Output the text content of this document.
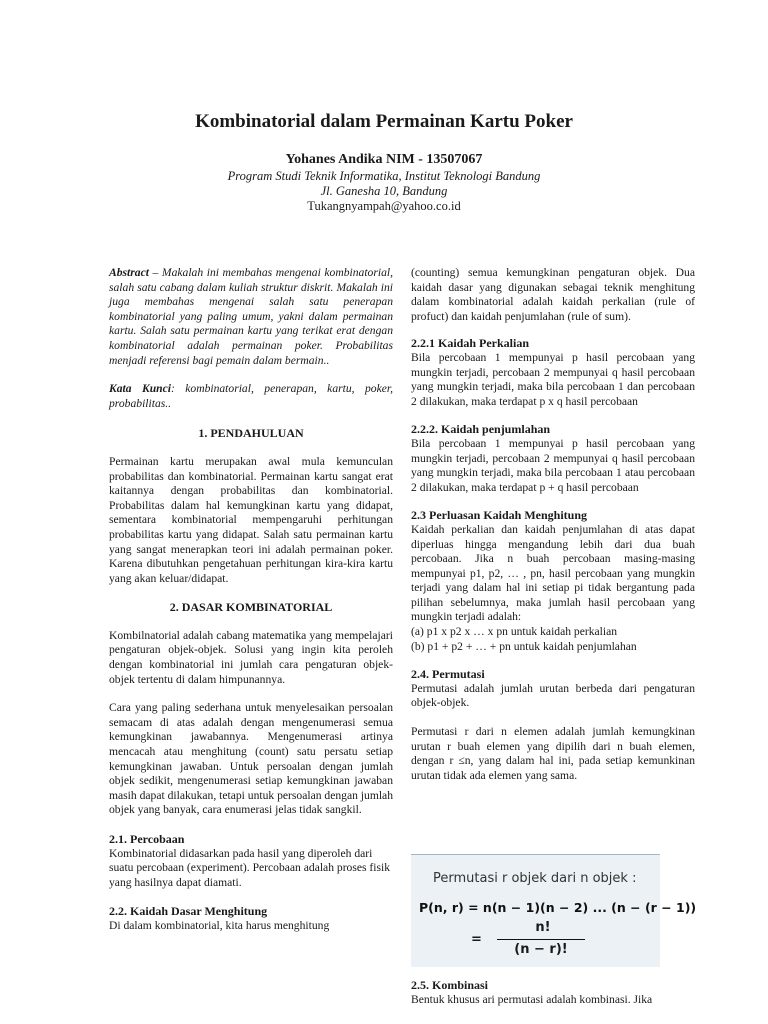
Kombinatorial dalam Permainan Kartu Poker
Yohanes Andika NIM - 13507067
Program Studi Teknik Informatika, Institut Teknologi Bandung
Jl. Ganesha 10, Bandung
Tukangnyampah@yahoo.co.id

Abstract – Makalah ini membahas mengenai kombinatorial, salah satu cabang dalam kuliah struktur diskrit. Makalah ini juga membahas mengenai salah satu penerapan kombinatorial yang paling umum, yakni dalam permainan kartu. Salah satu permainan kartu yang terikat erat dengan kombinatorial adalah permainan poker. Probabilitas menjadi referensi bagi pemain dalam bermain..

Kata Kunci: kombinatorial, penerapan, kartu, poker, probabilitas..

1. PENDAHULUAN

Permainan kartu merupakan awal mula kemunculan probabilitas dan kombinatorial. Permainan kartu sangat erat kaitannya dengan probabilitas dan kombinatorial. Probabilitas dalam hal kemungkinan kartu yang didapat, sementara kombinatorial mempengaruhi perhitungan probabilitas kartu yang didapat. Salah satu permainan kartu yang sangat menerapkan teori ini adalah permainan poker. Karena dibutuhkan pengetahuan perhitungan kira-kira kartu yang akan keluar/didapat.

2. DASAR KOMBINATORIAL

Kombilnatorial adalah cabang matematika yang mempelajari pengaturan objek-objek. Solusi yang ingin kita peroleh dengan kombinatorial ini jumlah cara pengaturan objek-objek tertentu di dalam himpunannya.

Cara yang paling sederhana untuk menyelesaikan persoalan semacam di atas adalah dengan mengenumerasi semua kemungkinan jawabannya. Mengenumerasi artinya mencacah atau menghitung (count) satu persatu setiap kemungkinan jawaban. Untuk persoalan dengan jumlah objek sedikit, mengenumerasi setiap kemungkinan jawaban masih dapat dilakukan, tetapi untuk persoalan dengan jumlah objek yang banyak, cara enumerasi jelas tidak sangkil.

2.1. Percobaan

Kombinatorial didasarkan pada hasil yang diperoleh dari suatu percobaan (experiment). Percobaan adalah proses fisik yang hasilnya dapat diamati.

2.2. Kaidah Dasar Menghitung

Di dalam kombinatorial, kita harus menghitung

(counting) semua kemungkinan pengaturan objek. Dua kaidah dasar yang digunakan sebagai teknik menghitung dalam kombinatorial adalah kaidah perkalian (rule of profuct) dan kaidah penjumlahan (rule of sum).

2.2.1 Kaidah Perkalian

Bila percobaan 1 mempunyai p hasil percobaan yang mungkin terjadi, percobaan 2 mempunyai q hasil percobaan yang mungkin terjadi, maka bila percobaan 1 dan percobaan 2 dilakukan, maka terdapat p x q hasil percobaan

2.2.2. Kaidah penjumlahan

Bila percobaan 1 mempunyai p hasil percobaan yang mungkin terjadi, percobaan 2 mempunyai q hasil percobaan yang mungkin terjadi, maka bila percobaan 1 atau percobaan 2 dilakukan, maka terdapat p + q hasil percobaan

2.3 Perluasan Kaidah Menghitung

Kaidah perkalian dan kaidah penjumlahan di atas dapat diperluas hingga mengandung lebih dari dua buah percobaan. Jika n buah percobaan masing-masing mempunyai p1, p2, … , pn, hasil percobaan yang mungkin terjadi yang dalam hal ini setiap pi tidak bergantung pada pilihan sebelumnya, maka jumlah hasil percobaan yang mungkin terjadi adalah:

(a) p1 x p2 x … x pn untuk kaidah perkalian

(b) p1 + p2 + … + pn untuk kaidah penjumlahan

2.4. Permutasi

Permutasi adalah jumlah urutan berbeda dari pengaturan objek-objek.

Permutasi r dari n elemen adalah jumlah kemungkinan urutan r buah elemen yang dipilih dari n buah elemen, dengan r ≤n, yang dalam hal ini, pada setiap kemunkinan urutan tidak ada elemen yang sama.

Permutasi r objek dari n objek :
P(n, r) = n(n − 1)(n − 2) ... (n − (r − 1))
=
n!
(n − r)!

2.5. Kombinasi

Bentuk khusus ari permutasi adalah kombinasi. Jika
